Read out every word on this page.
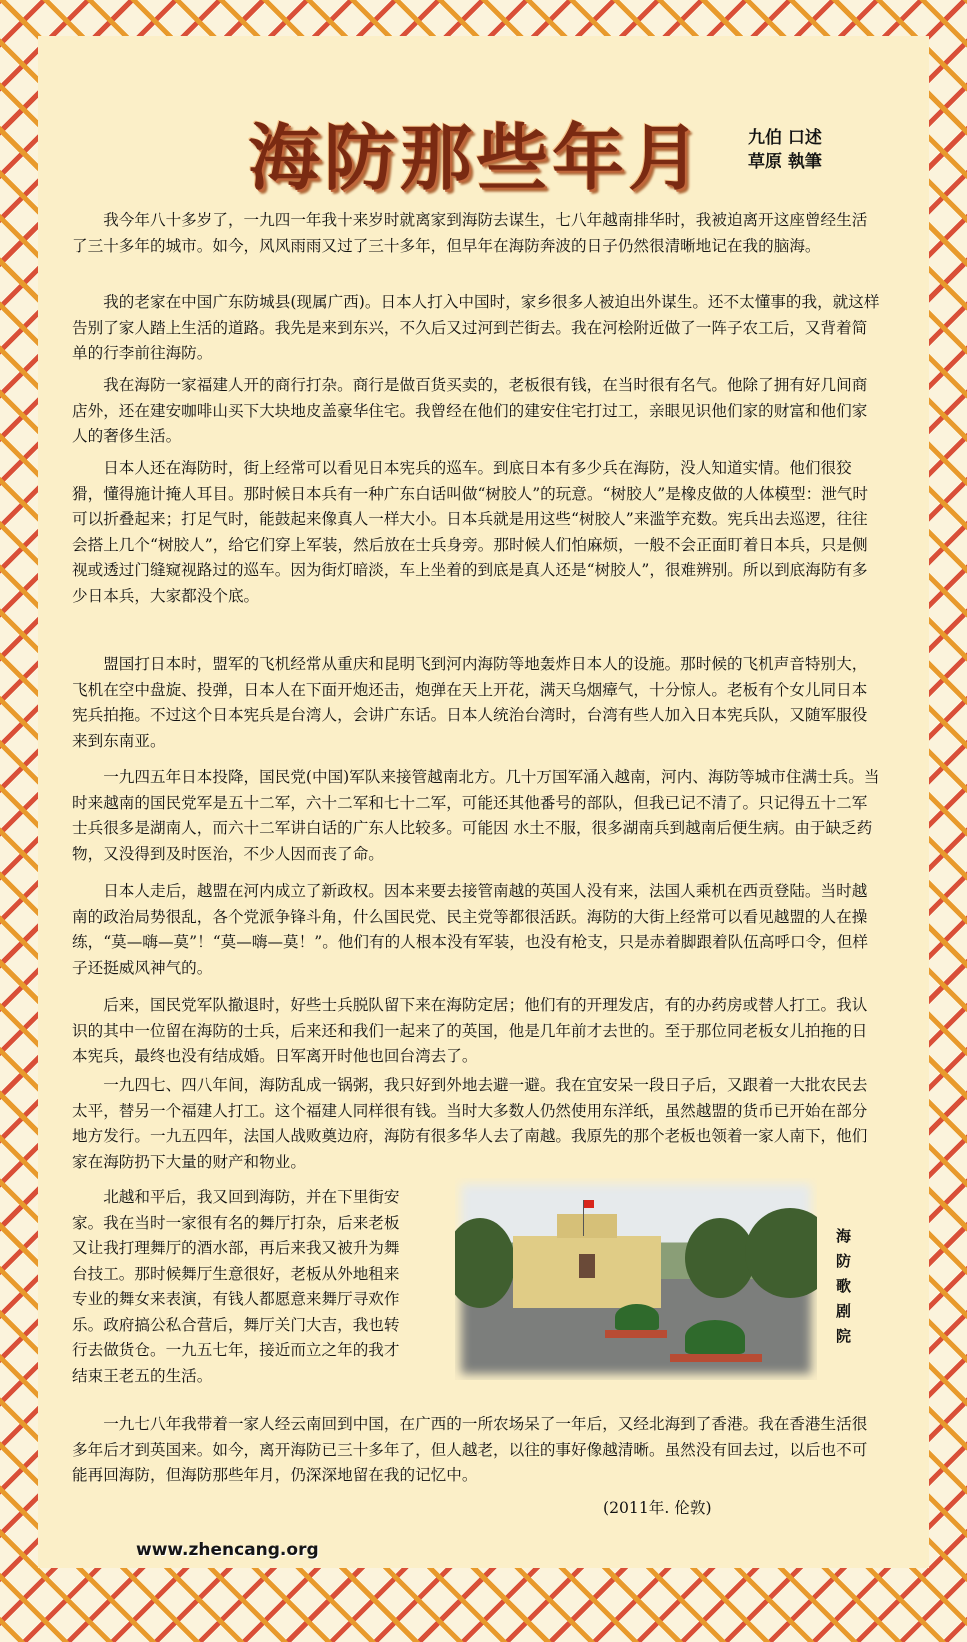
海防那些年月	九伯 口述
草原 執筆

我今年八十多岁了，一九四一年我十来岁时就离家到海防去谋生，七八年越南排华时，我被迫离开这座曾经生活了三十多年的城市。如今，风风雨雨又过了三十多年，但早年在海防奔波的日子仍然很清晰地记在我的脑海。

我的老家在中国广东防城县(现属广西)。日本人打入中国时，家乡很多人被迫出外谋生。还不太懂事的我，就这样告别了家人踏上生活的道路。我先是来到东兴，不久后又过河到芒街去。我在河桧附近做了一阵子农工后，又背着简单的行李前往海防。

我在海防一家福建人开的商行打杂。商行是做百货买卖的，老板很有钱，在当时很有名气。他除了拥有好几间商店外，还在建安咖啡山买下大块地皮盖豪华住宅。我曾经在他们的建安住宅打过工，亲眼见识他们家的财富和他们家人的奢侈生活。

日本人还在海防时，街上经常可以看见日本宪兵的巡车。到底日本有多少兵在海防，没人知道实情。他们很狡猾，懂得施计掩人耳目。那时候日本兵有一种广东白话叫做“树胶人”的玩意。“树胶人”是橡皮做的人体模型：泄气时可以折叠起来；打足气时，能鼓起来像真人一样大小。日本兵就是用这些“树胶人”来滥竽充数。宪兵出去巡逻，往往会搭上几个“树胶人”，给它们穿上军装，然后放在士兵身旁。那时候人们怕麻烦，一般不会正面盯着日本兵，只是侧视或透过门缝窥视路过的巡车。因为街灯暗淡，车上坐着的到底是真人还是“树胶人”，很难辨别。所以到底海防有多少日本兵，大家都没个底。

盟国打日本时，盟军的飞机经常从重庆和昆明飞到河内海防等地轰炸日本人的设施。那时候的飞机声音特别大，飞机在空中盘旋、投弹，日本人在下面开炮还击，炮弹在天上开花，满天乌烟瘴气，十分惊人。老板有个女儿同日本宪兵拍拖。不过这个日本宪兵是台湾人，会讲广东话。日本人统治台湾时，台湾有些人加入日本宪兵队，又随军服役来到东南亚。

一九四五年日本投降，国民党(中国)军队来接管越南北方。几十万国军涌入越南，河内、海防等城市住满士兵。当时来越南的国民党军是五十二军，六十二军和七十二军，可能还其他番号的部队，但我已记不清了。只记得五十二军士兵很多是湖南人，而六十二军讲白话的广东人比较多。可能因 水土不服，很多湖南兵到越南后便生病。由于缺乏药物，又没得到及时医治，不少人因而丧了命。

日本人走后，越盟在河内成立了新政权。因本来要去接管南越的英国人没有来，法国人乘机在西贡登陆。当时越南的政治局势很乱，各个党派争锋斗角，什么国民党、民主党等都很活跃。海防的大街上经常可以看见越盟的人在操练，“莫—嗨—莫”！“莫—嗨—莫！”。他们有的人根本没有军装，也没有枪支，只是赤着脚跟着队伍高呼口令，但样子还挺威风神气的。

后来，国民党军队撤退时，好些士兵脱队留下来在海防定居；他们有的开理发店，有的办药房或替人打工。我认识的其中一位留在海防的士兵，后来还和我们一起来了的英国，他是几年前才去世的。至于那位同老板女儿拍拖的日本宪兵，最终也没有结成婚。日军离开时他也回台湾去了。

一九四七、四八年间，海防乱成一锅粥，我只好到外地去避一避。我在宜安呆一段日子后，又跟着一大批农民去太平，替另一个福建人打工。这个福建人同样很有钱。当时大多数人仍然使用东洋纸，虽然越盟的货币已开始在部分地方发行。一九五四年，法国人战败奠边府，海防有很多华人去了南越。我原先的那个老板也领着一家人南下，他们家在海防扔下大量的财产和物业。

北越和平后，我又回到海防，并在下里街安家。我在当时一家很有名的舞厅打杂，后来老板又让我打理舞厅的酒水部，再后来我又被升为舞台技工。那时候舞厅生意很好，老板从外地租来专业的舞女来表演，有钱人都愿意来舞厅寻欢作乐。政府搞公私合营后，舞厅关门大吉，我也转行去做货仓。一九五七年，接近而立之年的我才结束王老五的生活。

海防歌剧院

一九七八年我带着一家人经云南回到中国，在广西的一所农场呆了一年后，又经北海到了香港。我在香港生活很多年后才到英国来。如今，离开海防已三十多年了，但人越老，以往的事好像越清晰。虽然没有回去过，以后也不可能再回海防，但海防那些年月，仍深深地留在我的记忆中。

(2011年. 伦敦)
www.zhencang.org
